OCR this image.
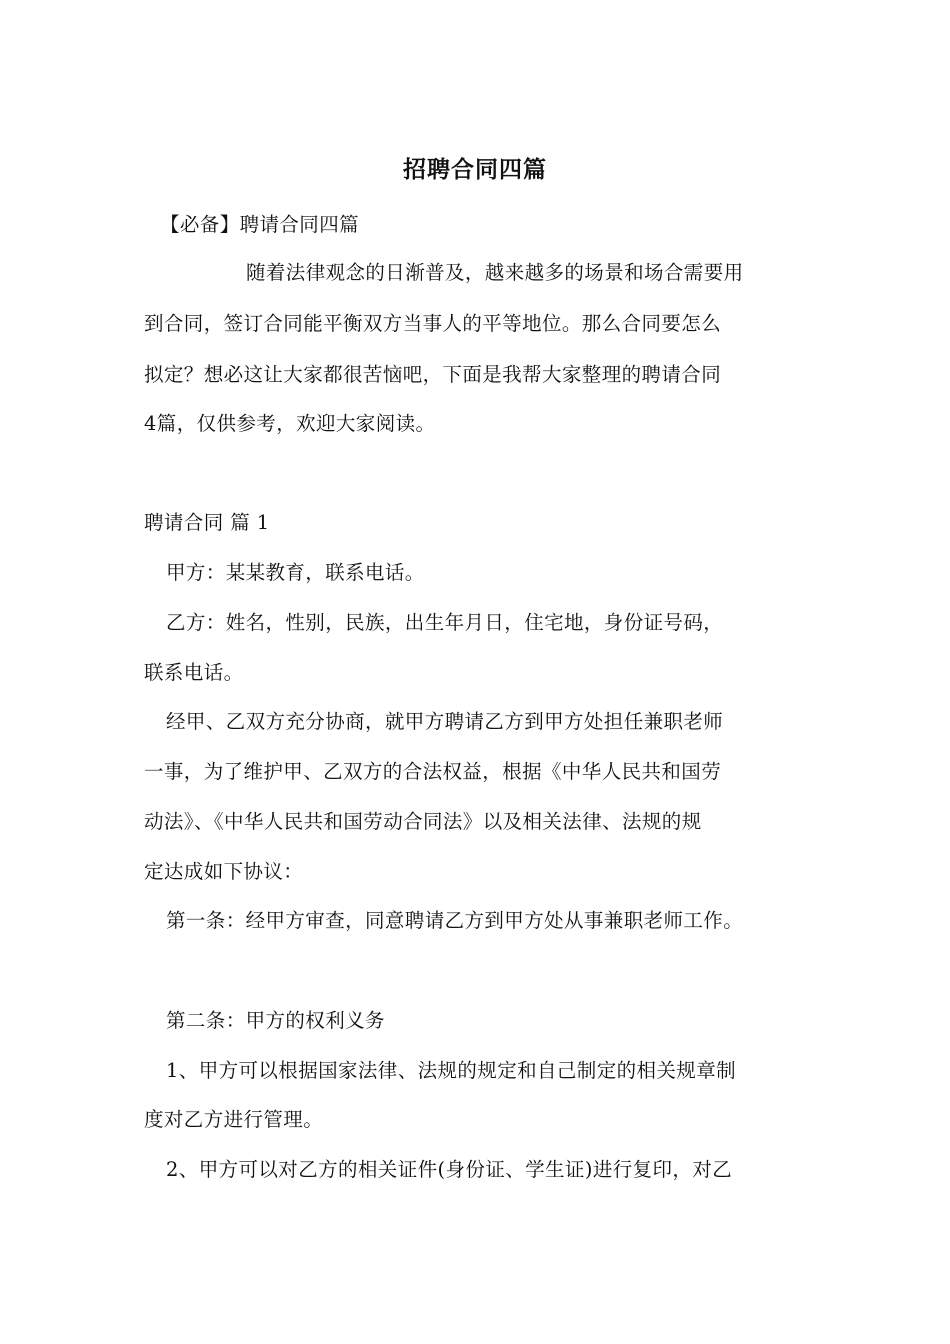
招聘合同四篇
【必备】聘请合同四篇
随着法律观念的日渐普及，越来越多的场景和场合需要用
到合同，签订合同能平衡双方当事人的平等地位。那么合同要怎么
拟定？想必这让大家都很苦恼吧，下面是我帮大家整理的聘请合同
4篇，仅供参考，欢迎大家阅读。
聘请合同 篇 1
甲方：某某教育，联系电话。
乙方：姓名，性别，民族，出生年月日，住宅地，身份证号码，
联系电话。
经甲、乙双方充分协商，就甲方聘请乙方到甲方处担任兼职老师
一事，为了维护甲、乙双方的合法权益，根据《中华人民共和国劳
动法》、《中华人民共和国劳动合同法》以及相关法律、法规的规
定达成如下协议：
第一条：经甲方审查，同意聘请乙方到甲方处从事兼职老师工作。
第二条：甲方的权利义务
1、甲方可以根据国家法律、法规的规定和自己制定的相关规章制
度对乙方进行管理。
2、甲方可以对乙方的相关证件(身份证、学生证)进行复印，对乙
